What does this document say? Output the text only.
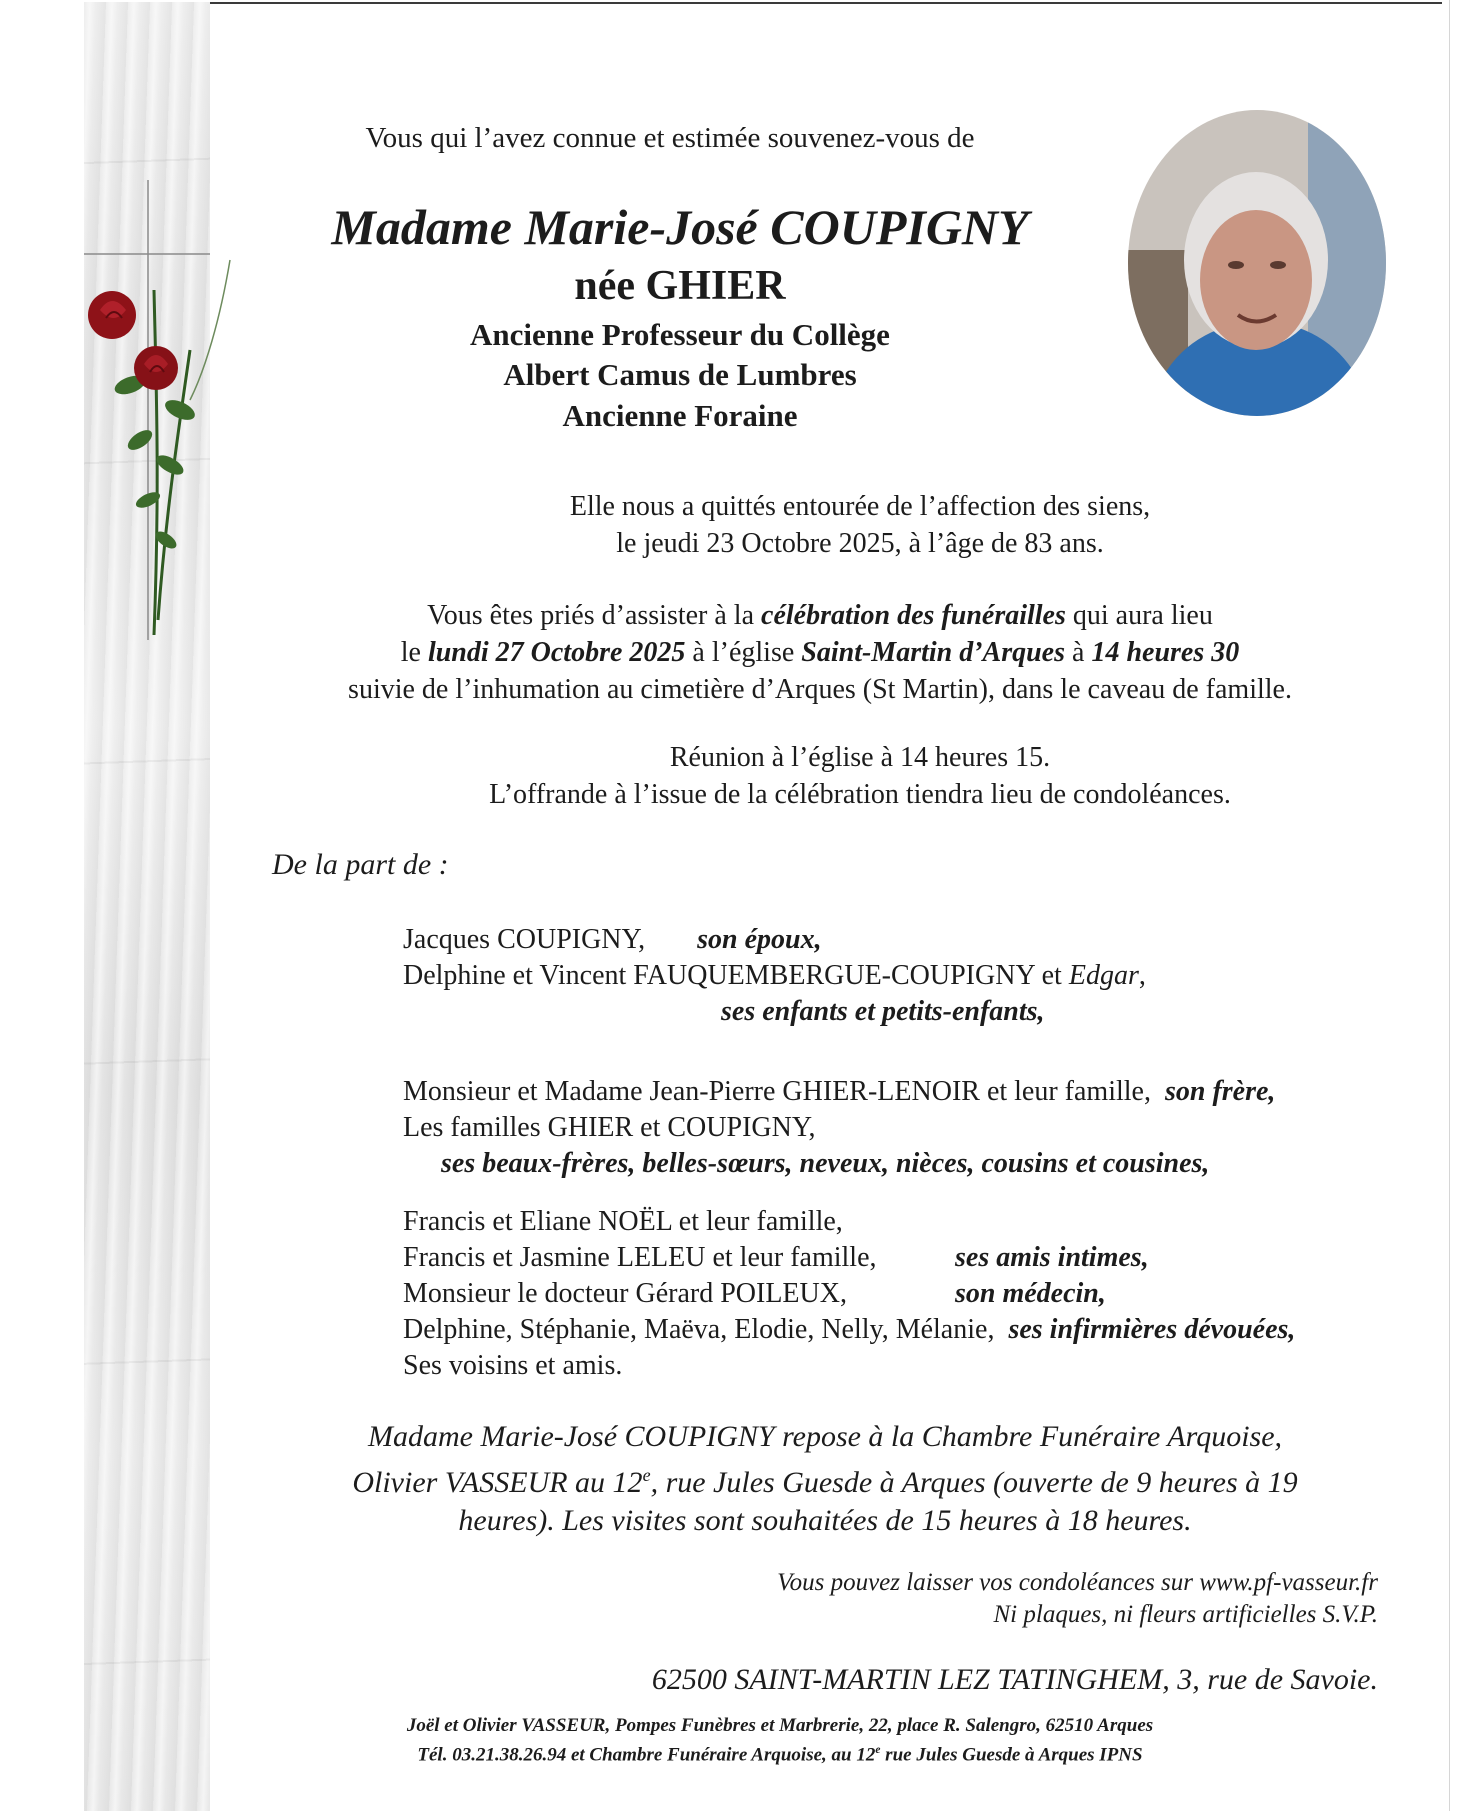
Vous qui l’avez connue et estimée souvenez-vous de

Madame Marie-José COUPIGNY

née GHIER

Ancienne Professeur du Collège

Albert Camus de Lumbres

Ancienne Foraine

Elle nous a quittés entourée de l’affection des siens,

le jeudi 23 Octobre 2025, à l’âge de 83 ans.

Vous êtes priés d’assister à la célébration des funérailles qui aura lieu

le lundi 27 Octobre 2025 à l’église Saint-Martin d’Arques à 14 heures 30

suivie de l’inhumation au cimetière d’Arques (St Martin), dans le caveau de famille.

Réunion à l’église à 14 heures 15.

L’offrande à l’issue de la célébration tiendra lieu de condoléances.

De la part de :

Jacques COUPIGNY, son époux,

Delphine et Vincent FAUQUEMBERGUE-COUPIGNY et Edgar,

ses enfants et petits-enfants,

Monsieur et Madame Jean-Pierre GHIER-LENOIR et leur famille, son frère,

Les familles GHIER et COUPIGNY,

ses beaux-frères, belles-sœurs, neveux, nièces, cousins et cousines,

Francis et Eliane NOËL et leur famille,

Francis et Jasmine LELEU et leur famille,	ses amis intimes,

Monsieur le docteur Gérard POILEUX,	son médecin,

Delphine, Stéphanie, Maëva, Elodie, Nelly, Mélanie, ses infirmières dévouées,

Ses voisins et amis.

Madame Marie-José COUPIGNY repose à la Chambre Funéraire Arquoise,

Olivier VASSEUR au 12e, rue Jules Guesde à Arques (ouverte de 9 heures à 19

heures). Les visites sont souhaitées de 15 heures à 18 heures.

Vous pouvez laisser vos condoléances sur www.pf-vasseur.fr

Ni plaques, ni fleurs artificielles S.V.P.

62500 SAINT-MARTIN LEZ TATINGHEM, 3, rue de Savoie.

Joël et Olivier VASSEUR, Pompes Funèbres et Marbrerie, 22, place R. Salengro, 62510 Arques

Tél. 03.21.38.26.94 et Chambre Funéraire Arquoise, au 12e rue Jules Guesde à Arques IPNS
